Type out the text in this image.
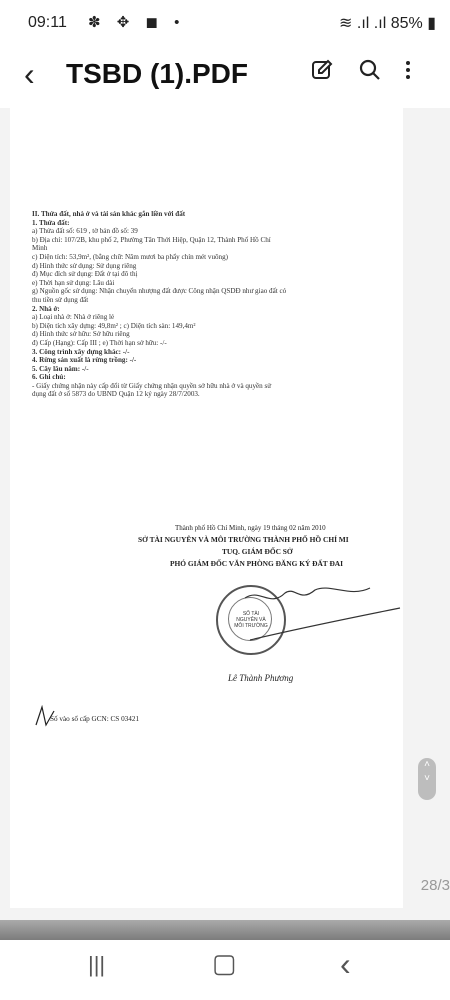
09:11 ✽ ✥ ◼ •	≋ .ıl .ıl 85% ▮
‹ TSBD (1).PDF
II. Thửa đất, nhà ở và tài sản khác gắn liền với đất
1. Thửa đất:
a) Thửa đất số: 619 , tờ bản đồ số: 39
b) Địa chỉ: 107/2B, khu phố 2, Phường Tân Thới Hiệp, Quận 12, Thành Phố Hồ Chí
Minh
c) Diện tích: 53,9m², (bằng chữ: Năm mươi ba phẩy chín mét vuông)
d) Hình thức sử dụng: Sử dụng riêng
đ) Mục đích sử dụng: Đất ở tại đô thị
e) Thời hạn sử dụng: Lâu dài
g) Nguồn gốc sử dụng: Nhận chuyển nhượng đất được Công nhận QSDĐ như giao đất có
thu tiền sử dụng đất
2. Nhà ở:
a) Loại nhà ở: Nhà ở riêng lẻ
b) Diện tích xây dựng: 49,8m² ; c) Diện tích sàn: 149,4m²
d) Hình thức sở hữu: Sở hữu riêng
đ) Cấp (Hạng): Cấp III ; e) Thời hạn sở hữu: -/-
3. Công trình xây dựng khác: -/-
4. Rừng sản xuất là rừng trồng: -/-
5. Cây lâu năm: -/-
6. Ghi chú:
- Giấy chứng nhận này cấp đổi từ Giấy chứng nhận quyền sở hữu nhà ở và quyền sử
dụng đất ở số 5873 do UBND Quận 12 ký ngày 28/7/2003.
Thành phố Hồ Chí Minh, ngày 19 tháng 02 năm 2010
SỞ TÀI NGUYÊN VÀ MÔI TRƯỜNG THÀNH PHỐ HỒ CHÍ MI
TUQ. GIÁM ĐỐC SỞ
PHÓ GIÁM ĐỐC VĂN PHÒNG ĐĂNG KÝ ĐẤT ĐAI
SỐ TÀI NGUYÊN VÀ MÔI TRƯỜNG
Lê Thành Phương
Số vào sổ cấp GCN: CS 03421
˄
˅
28/3
|||	▢	‹
